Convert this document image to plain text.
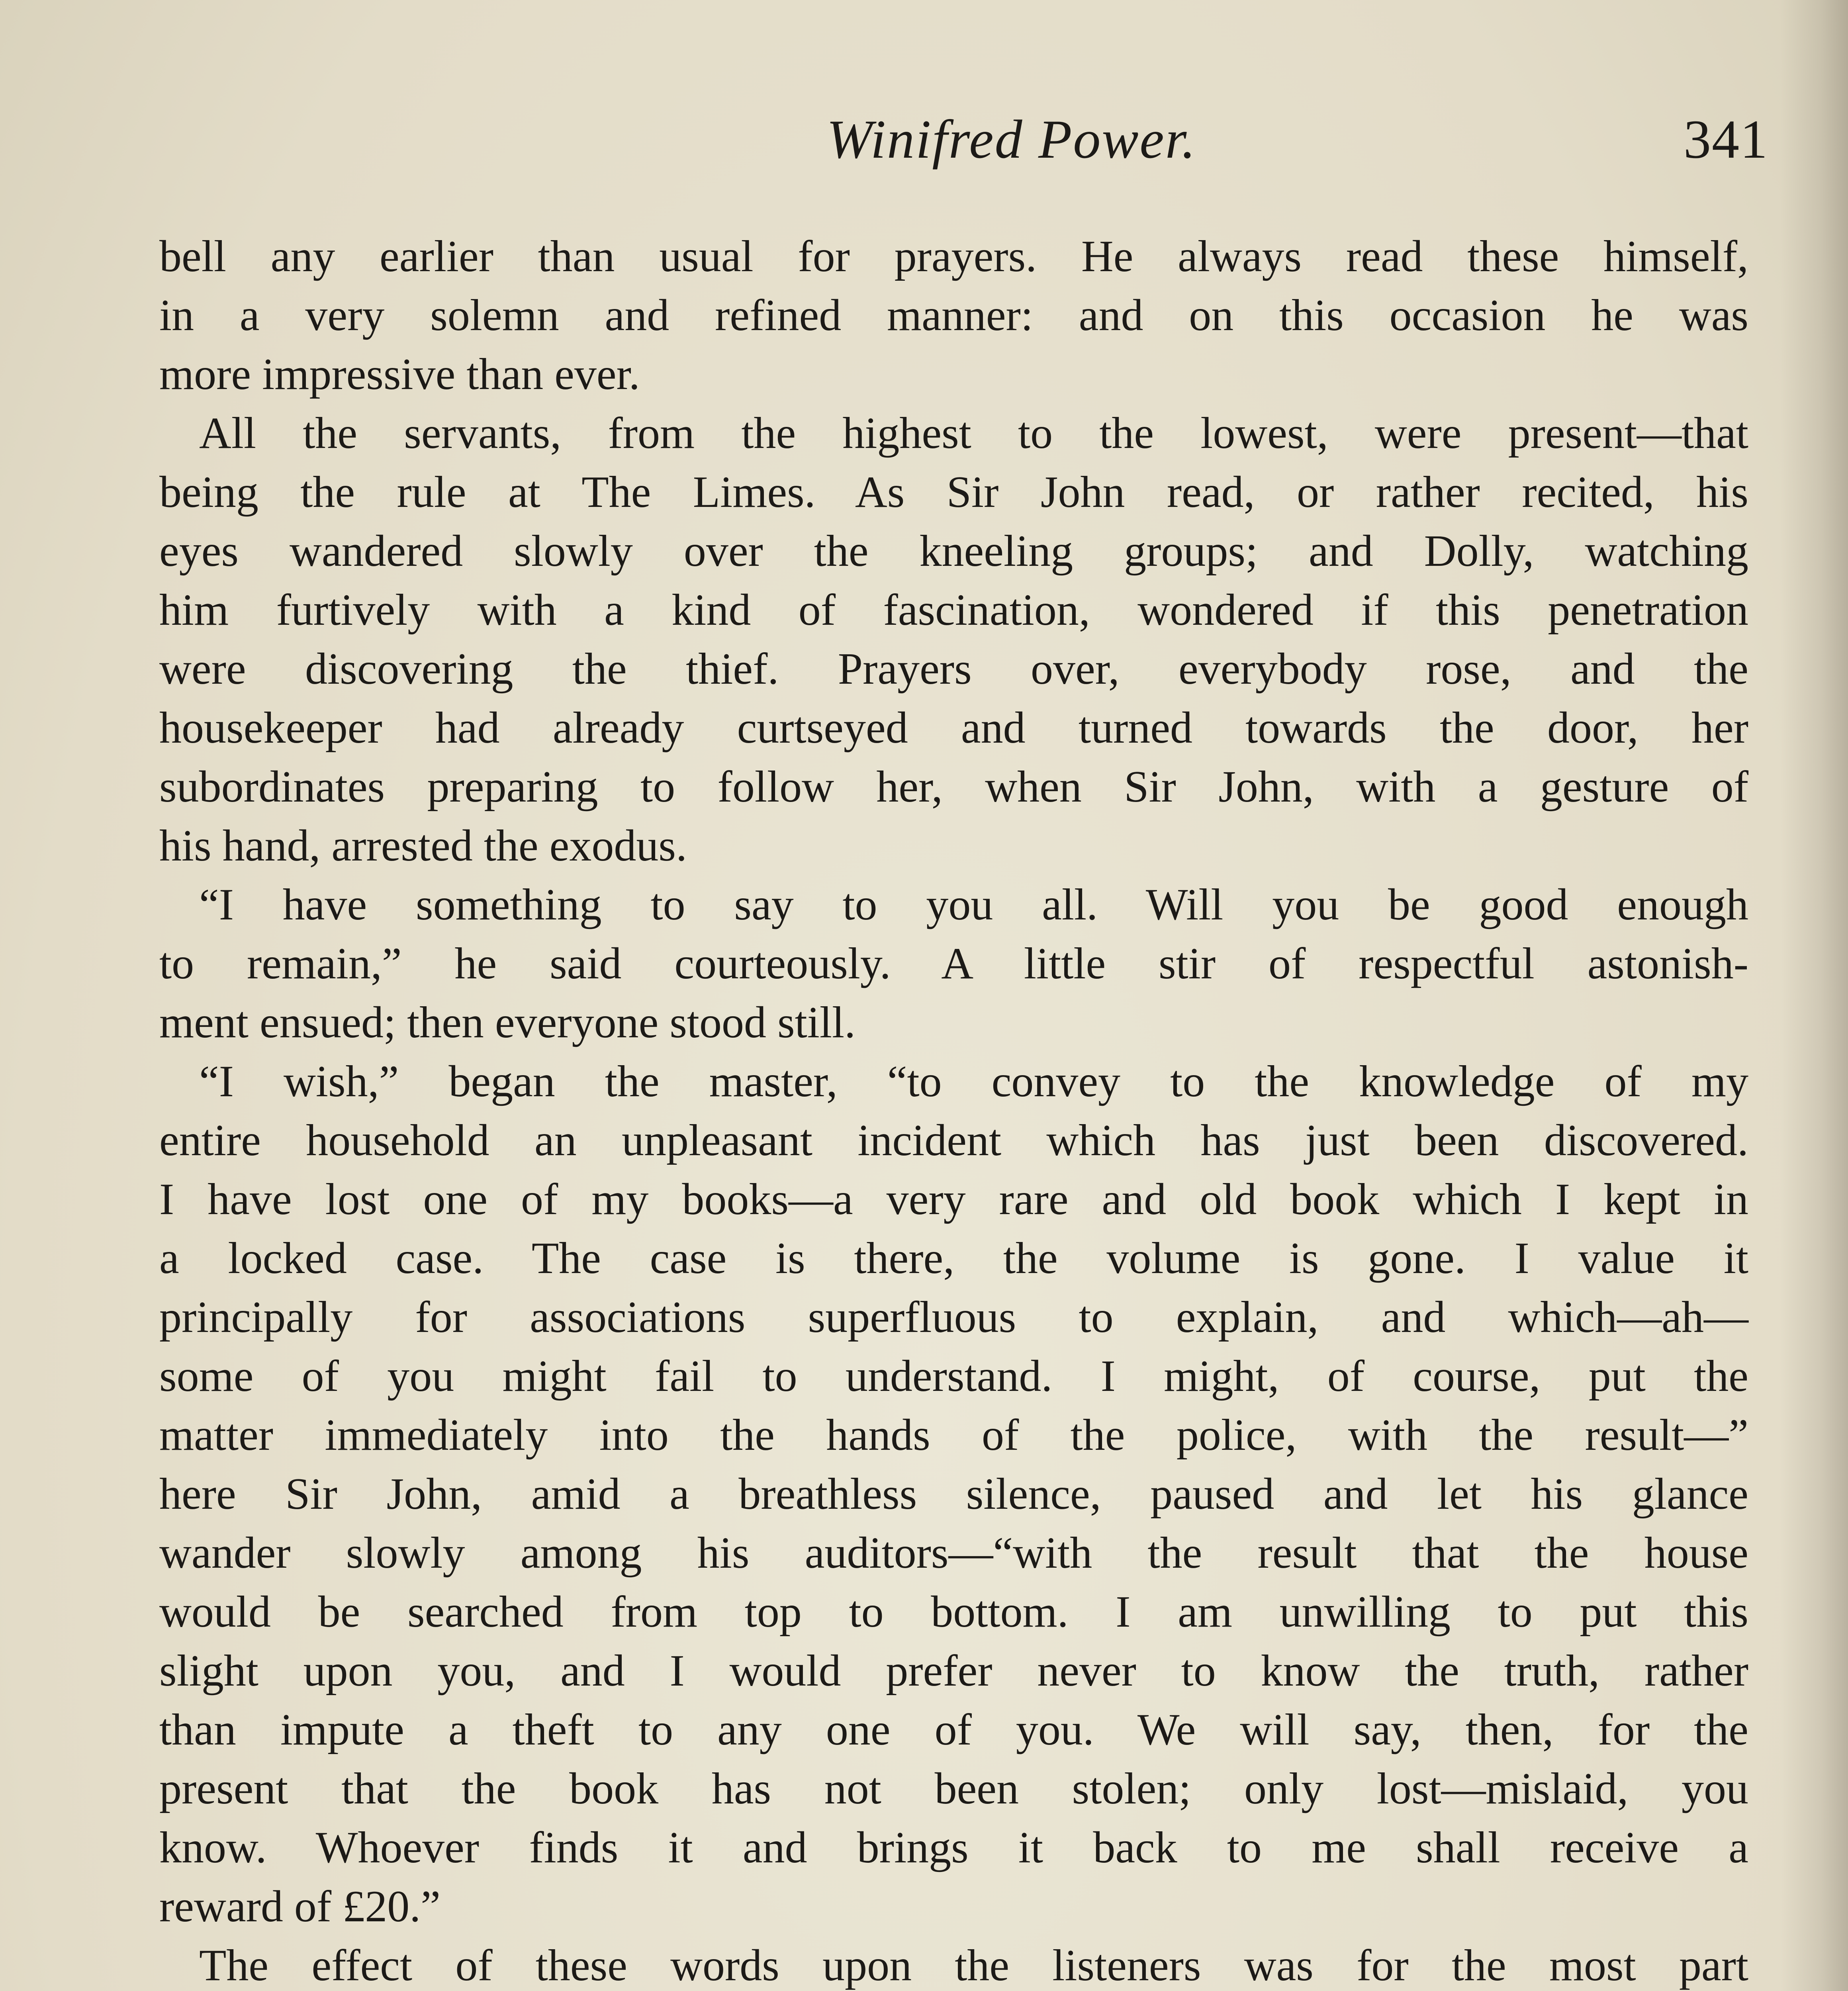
Winifred Power.	341
bell any earlier than usual for prayers. He always read these himself,
in a very solemn and refined manner: and on this occasion he was
more impressive than ever.
All the servants, from the highest to the lowest, were present—that
being the rule at The Limes. As Sir John read, or rather recited, his
eyes wandered slowly over the kneeling groups; and Dolly, watching
him furtively with a kind of fascination, wondered if this penetration
were discovering the thief. Prayers over, everybody rose, and the
housekeeper had already curtseyed and turned towards the door, her
subordinates preparing to follow her, when Sir John, with a gesture of
his hand, arrested the exodus.
“I have something to say to you all. Will you be good enough
to remain,” he said courteously. A little stir of respectful astonish-
ment ensued; then everyone stood still.
“I wish,” began the master, “to convey to the knowledge of my
entire household an unpleasant incident which has just been discovered.
I have lost one of my books—a very rare and old book which I kept in
a locked case. The case is there, the volume is gone. I value it
principally for associations superfluous to explain, and which—ah—
some of you might fail to understand. I might, of course, put the
matter immediately into the hands of the police, with the result—”
here Sir John, amid a breathless silence, paused and let his glance
wander slowly among his auditors—“with the result that the house
would be searched from top to bottom. I am unwilling to put this
slight upon you, and I would prefer never to know the truth, rather
than impute a theft to any one of you. We will say, then, for the
present that the book has not been stolen; only lost—mislaid, you
know. Whoever finds it and brings it back to me shall receive a
reward of £20.”
The effect of these words upon the listeners was for the most part
